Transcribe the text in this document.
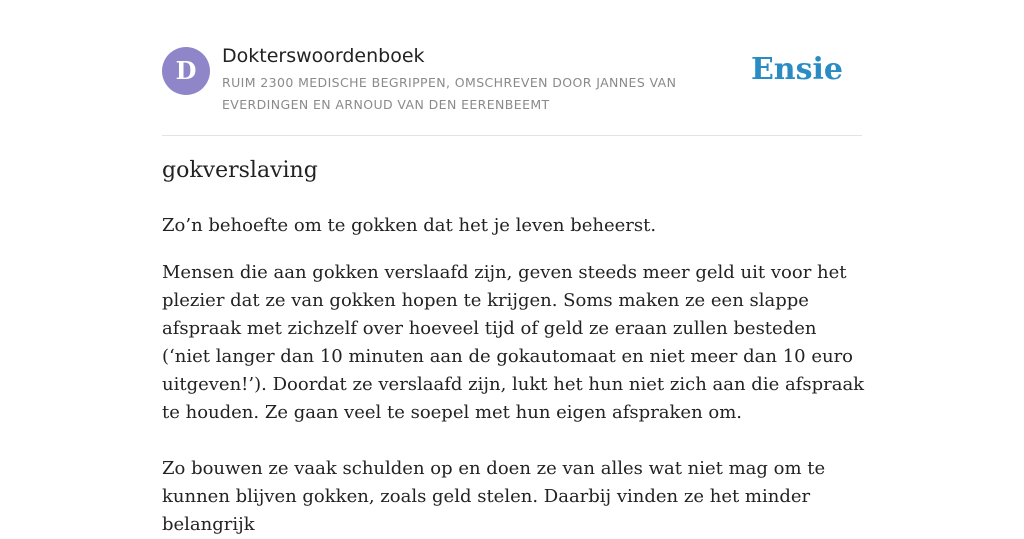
D	Dokterswoordenboek
RUIM 2300 MEDISCHE BEGRIPPEN, OMSCHREVEN DOOR JANNES VAN EVERDINGEN EN ARNOUD VAN DEN EERENBEEMT
Ensie
gokverslaving

Zo’n behoefte om te gokken dat het je leven beheerst.

Mensen die aan gokken verslaafd zijn, geven steeds meer geld uit voor het plezier dat ze van gokken hopen te krijgen. Soms maken ze een slappe afspraak met zichzelf over hoeveel tijd of geld ze eraan zullen besteden (‘niet langer dan 10 minuten aan de gokautomaat en niet meer dan 10 euro uitgeven!’). Doordat ze verslaafd zijn, lukt het hun niet zich aan die afspraak te houden. Ze gaan veel te soepel met hun eigen afspraken om.

Zo bouwen ze vaak schulden op en doen ze van alles wat niet mag om te kunnen blijven gokken, zoals geld stelen. Daarbij vinden ze het minder belangrijk
